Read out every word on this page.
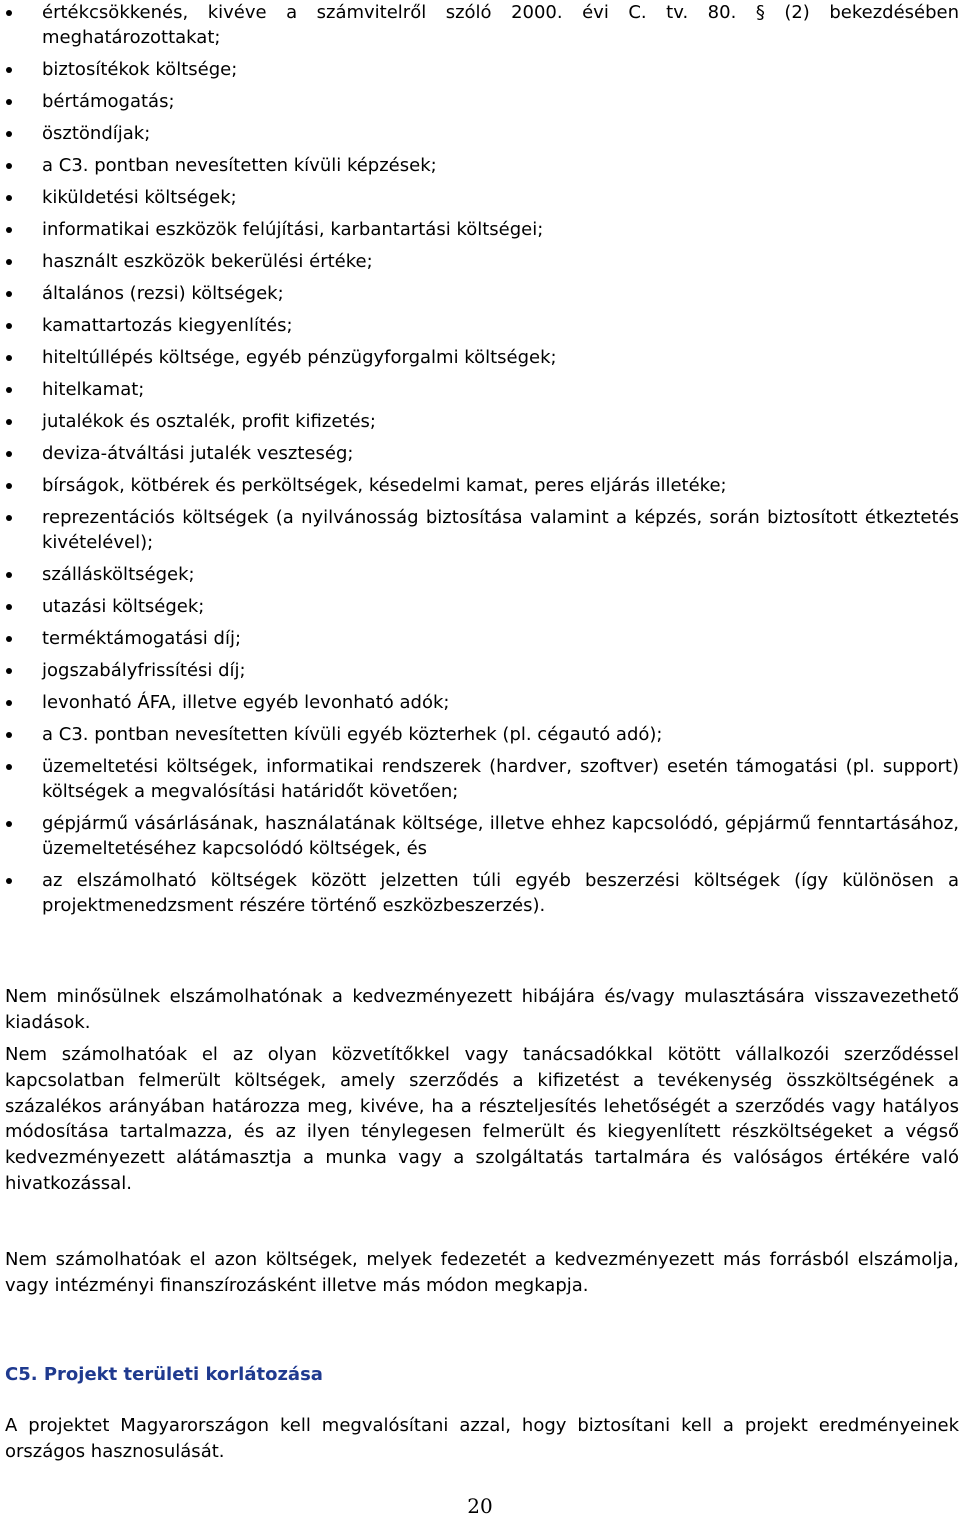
értékcsökkenés, kivéve a számvitelről szóló 2000. évi C. tv. 80. § (2) bekezdésében meghatározottakat;
biztosítékok költsége;
bértámogatás;
ösztöndíjak;
a C3. pontban nevesítetten kívüli képzések;
kiküldetési költségek;
informatikai eszközök felújítási, karbantartási költségei;
használt eszközök bekerülési értéke;
általános (rezsi) költségek;
kamattartozás kiegyenlítés;
hiteltúllépés költsége, egyéb pénzügyforgalmi költségek;
hitelkamat;
jutalékok és osztalék, profit kifizetés;
deviza-átváltási jutalék veszteség;
bírságok, kötbérek és perköltségek, késedelmi kamat, peres eljárás illetéke;
reprezentációs költségek (a nyilvánosság biztosítása valamint a képzés, során biztosított étkeztetés kivételével);
szállásköltségek;
utazási költségek;
terméktámogatási díj;
jogszabályfrissítési díj;
levonható ÁFA, illetve egyéb levonható adók;
a C3. pontban nevesítetten kívüli egyéb közterhek (pl. cégautó adó);
üzemeltetési költségek, informatikai rendszerek (hardver, szoftver) esetén támogatási (pl. support) költségek a megvalósítási határidőt követően;
gépjármű vásárlásának, használatának költsége, illetve ehhez kapcsolódó, gépjármű fenntartásához, üzemeltetéséhez kapcsolódó költségek, és
az elszámolható költségek között jelzetten túli egyéb beszerzési költségek (így különösen a projektmenedzsment részére történő eszközbeszerzés).

Nem minősülnek elszámolhatónak a kedvezményezett hibájára és/vagy mulasztására visszavezethető kiadások.

Nem számolhatóak el az olyan közvetítőkkel vagy tanácsadókkal kötött vállalkozói szerződéssel kapcsolatban felmerült költségek, amely szerződés a kifizetést a tevékenység összköltségének a százalékos arányában határozza meg, kivéve, ha a részteljesítés lehetőségét a szerződés vagy hatályos módosítása tartalmazza, és az ilyen ténylegesen felmerült és kiegyenlített részköltségeket a végső kedvezményezett alátámasztja a munka vagy a szolgáltatás tartalmára és valóságos értékére való hivatkozással.

Nem számolhatóak el azon költségek, melyek fedezetét a kedvezményezett más forrásból elszámolja, vagy intézményi finanszírozásként illetve más módon megkapja.

C5. Projekt területi korlátozása

A projektet Magyarországon kell megvalósítani azzal, hogy biztosítani kell a projekt eredményeinek országos hasznosulását.

20
